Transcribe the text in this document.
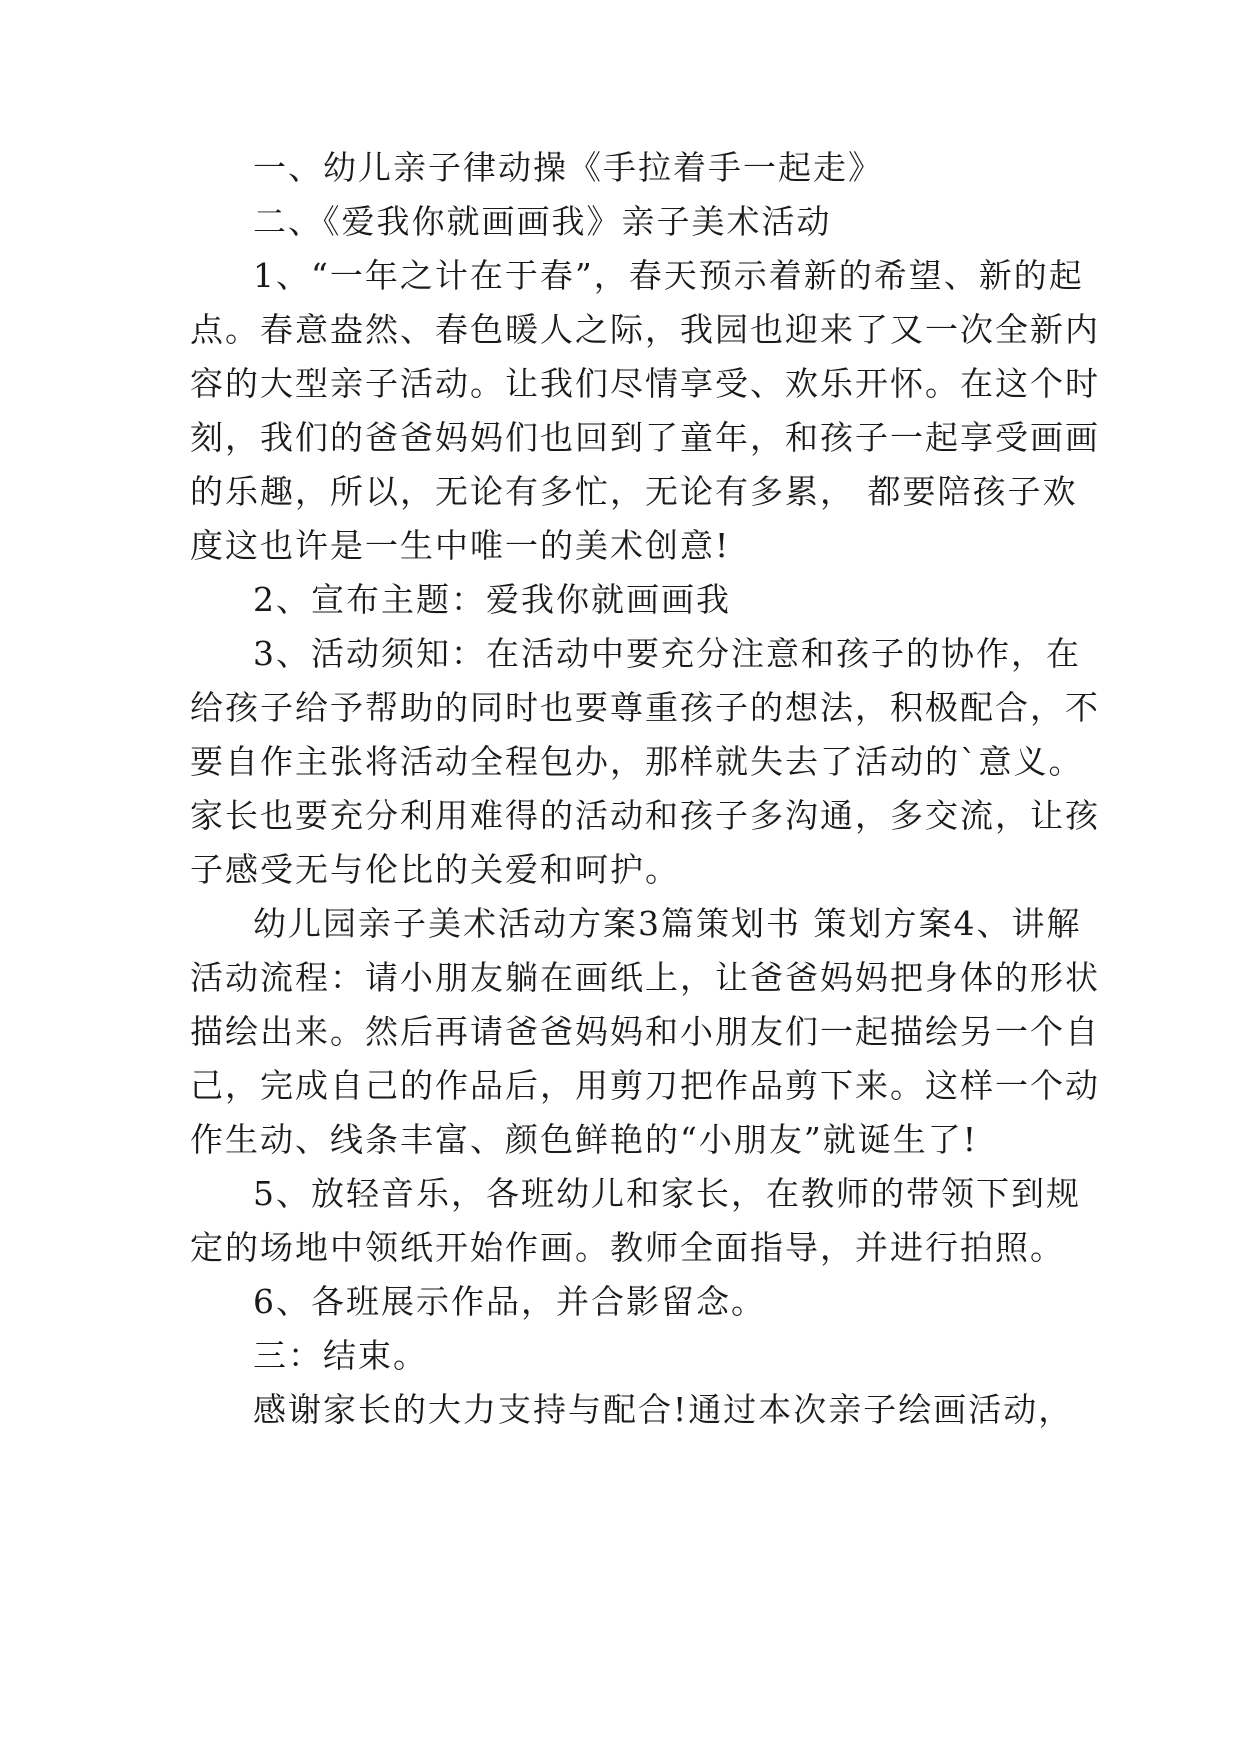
一、幼儿亲子律动操《手拉着手一起走》
二、《爱我你就画画我》亲子美术活动
1、“一年之计在于春”，春天预示着新的希望、新的起
点。春意盎然、春色暖人之际，我园也迎来了又一次全新内
容的大型亲子活动。让我们尽情享受、欢乐开怀。在这个时
刻，我们的爸爸妈妈们也回到了童年，和孩子一起享受画画
的乐趣，所以，无论有多忙，无论有多累， 都要陪孩子欢
度这也许是一生中唯一的美术创意!
2、宣布主题：爱我你就画画我
3、活动须知：在活动中要充分注意和孩子的协作，在
给孩子给予帮助的同时也要尊重孩子的想法，积极配合，不
要自作主张将活动全程包办，那样就失去了活动的`意义。
家长也要充分利用难得的活动和孩子多沟通，多交流，让孩
子感受无与伦比的关爱和呵护。
幼儿园亲子美术活动方案3篇策划书 策划方案4、讲解
活动流程：请小朋友躺在画纸上，让爸爸妈妈把身体的形状
描绘出来。然后再请爸爸妈妈和小朋友们一起描绘另一个自
己，完成自己的作品后，用剪刀把作品剪下来。这样一个动
作生动、线条丰富、颜色鲜艳的“小朋友”就诞生了!
5、放轻音乐，各班幼儿和家长，在教师的带领下到规
定的场地中领纸开始作画。教师全面指导，并进行拍照。
6、各班展示作品，并合影留念。
三：结束。
感谢家长的大力支持与配合!通过本次亲子绘画活动，
